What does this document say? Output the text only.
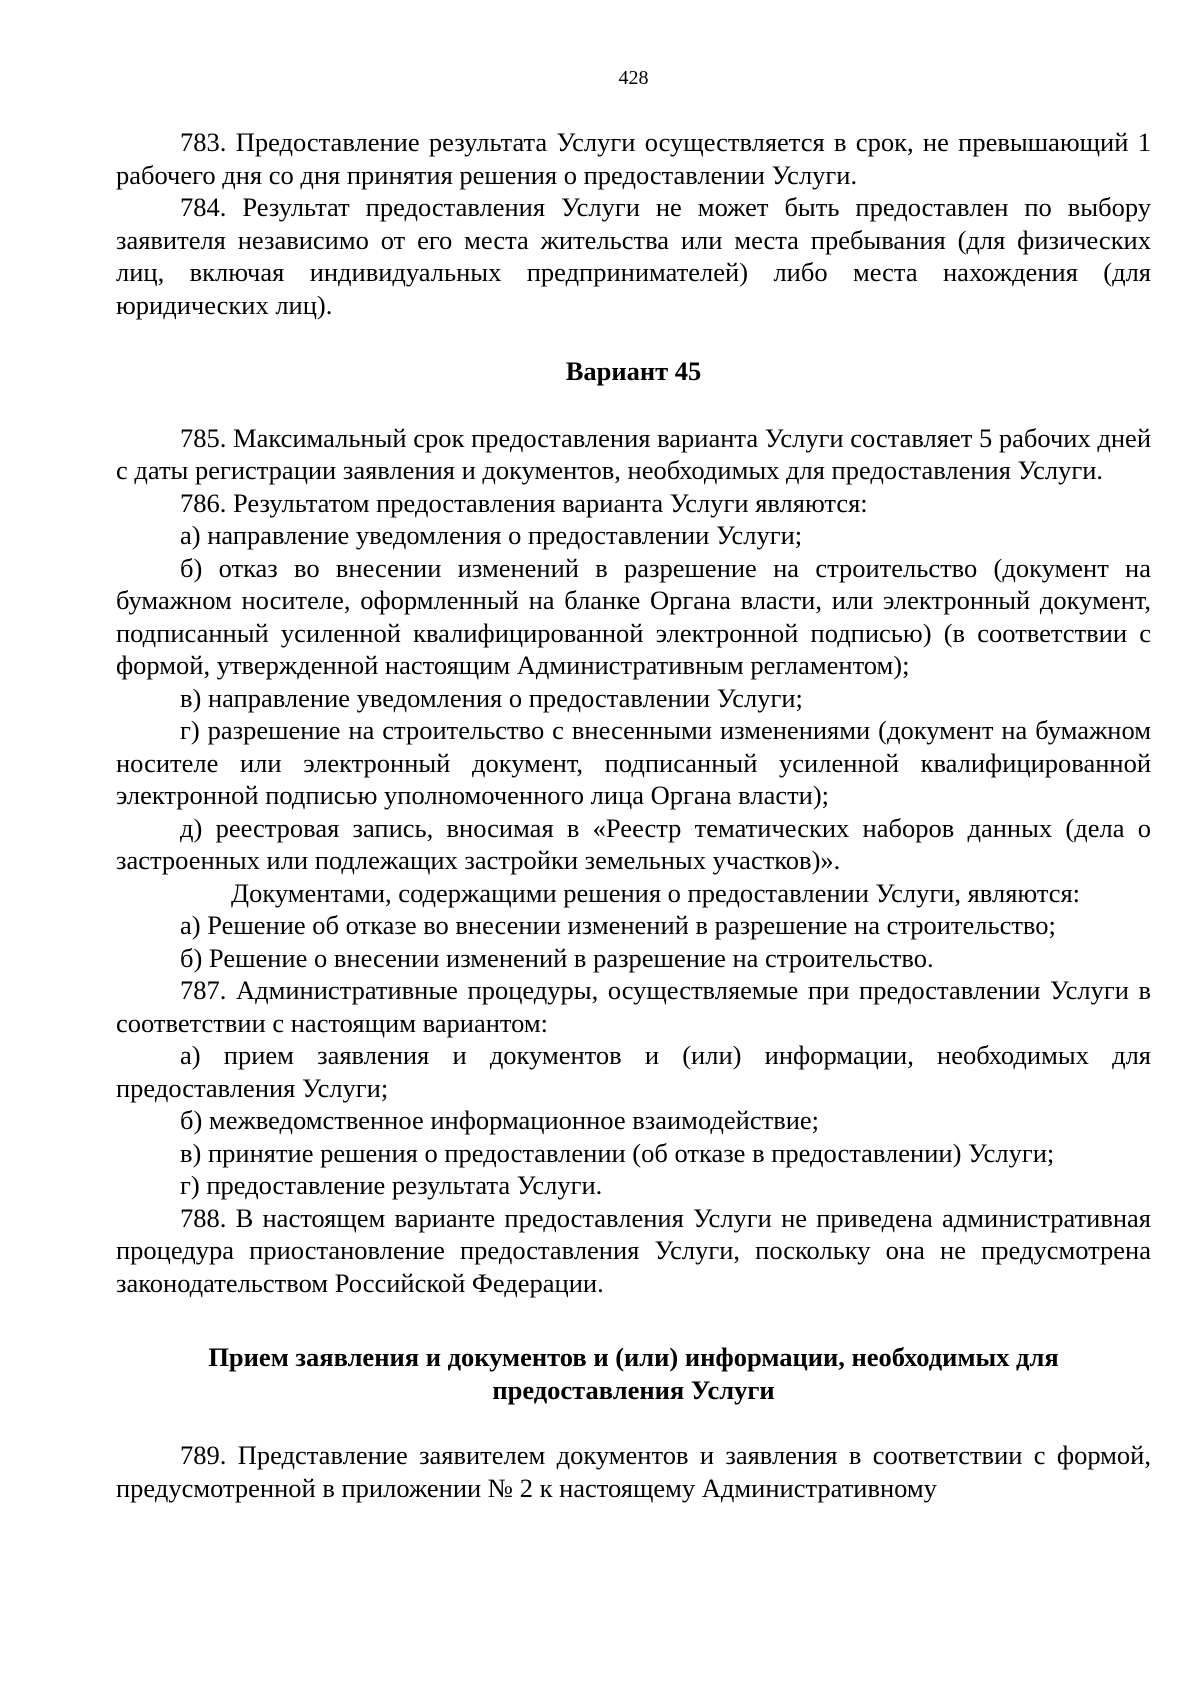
428

783. Предоставление результата Услуги осуществляется в срок, не превышающий 1 рабочего дня со дня принятия решения о предоставлении Услуги.

784. Результат предоставления Услуги не может быть предоставлен по выбору заявителя независимо от его места жительства или места пребывания (для физических лиц, включая индивидуальных предпринимателей) либо места нахождения (для юридических лиц).

Вариант 45

785. Максимальный срок предоставления варианта Услуги составляет 5 рабочих дней с даты регистрации заявления и документов, необходимых для предоставления Услуги.

786. Результатом предоставления варианта Услуги являются:

а) направление уведомления о предоставлении Услуги;

б) отказ во внесении изменений в разрешение на строительство (документ на бумажном носителе, оформленный на бланке Органа власти, или электронный документ, подписанный усиленной квалифицированной электронной подписью) (в соответствии с формой, утвержденной настоящим Административным регламентом);

в) направление уведомления о предоставлении Услуги;

г) разрешение на строительство с внесенными изменениями (документ на бумажном носителе или электронный документ, подписанный усиленной квалифицированной электронной подписью уполномоченного лица Органа власти);

д) реестровая запись, вносимая в «Реестр тематических наборов данных (дела о застроенных или подлежащих застройки земельных участков)».

Документами, содержащими решения о предоставлении Услуги, являются:

а) Решение об отказе во внесении изменений в разрешение на строительство;

б) Решение о внесении изменений в разрешение на строительство.

787. Административные процедуры, осуществляемые при предоставлении Услуги в соответствии с настоящим вариантом:

а) прием заявления и документов и (или) информации, необходимых для предоставления Услуги;

б) межведомственное информационное взаимодействие;

в) принятие решения о предоставлении (об отказе в предоставлении) Услуги;

г) предоставление результата Услуги.

788. В настоящем варианте предоставления Услуги не приведена административная процедура приостановление предоставления Услуги, поскольку она не предусмотрена законодательством Российской Федерации.

Прием заявления и документов и (или) информации, необходимых для

предоставления Услуги

789. Представление заявителем документов и заявления в соответствии с формой, предусмотренной в приложении № 2 к настоящему Административному
